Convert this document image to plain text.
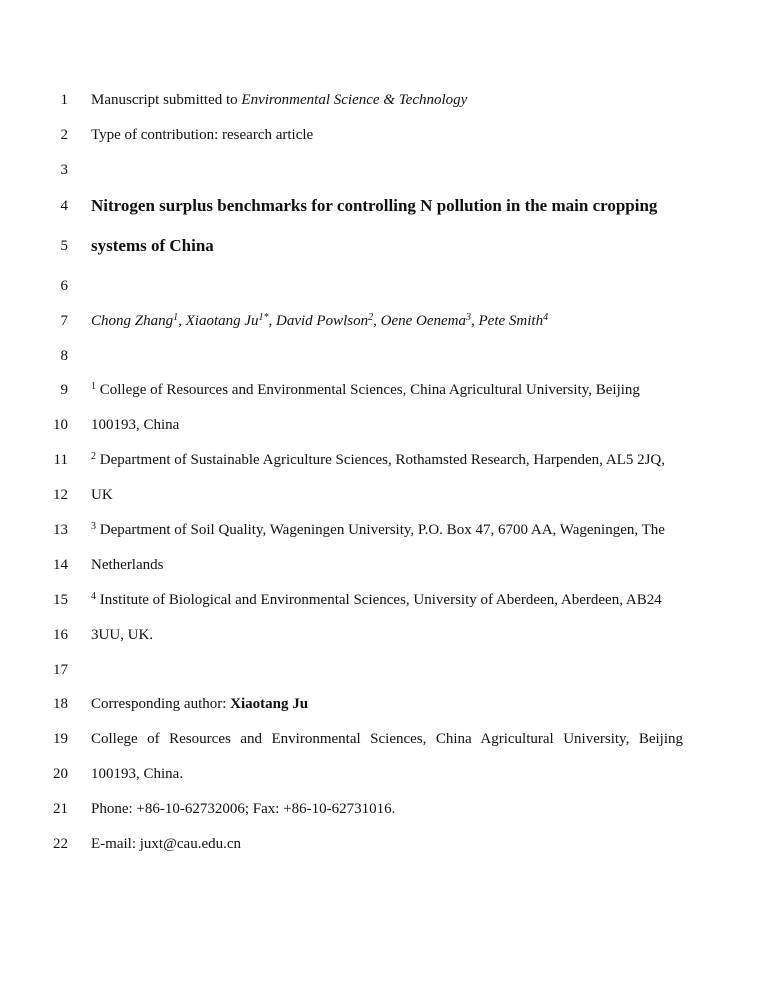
1 Manuscript submitted to Environmental Science & Technology
2 Type of contribution: research article
3
4 Nitrogen surplus benchmarks for controlling N pollution in the main cropping
5 systems of China
6
7 Chong Zhang$^1$, Xiaotang $Ju^{1*}$, David Powlson$^2$, Oene Oenema$^3$, Pete Smith$^4$
8
9 $^1$ College of Resources and Environmental Sciences, China Agricultural University, Beijing
10 100193, China
11 $^2$ Department of Sustainable Agriculture Sciences, Rothamsted Research, Harpenden, AL5 2JQ,
12 UK
13 $^3$ Department of Soil Quality, Wageningen University, P.O. Box 47, 6700 AA, Wageningen, The
14 Netherlands
15 $^4$ Institute of Biological and Environmental Sciences, University of Aberdeen, Aberdeen, AB24
16 3UU, UK.
17
18 Corresponding author: Xiaotang Ju
19 College of Resources and Environmental Sciences, China Agricultural University, Beijing
20 100193, China.
21 Phone: +86-10-62732006; Fax: +86-10-62731016.
22 E-mail: juxt@cau.edu.cn
